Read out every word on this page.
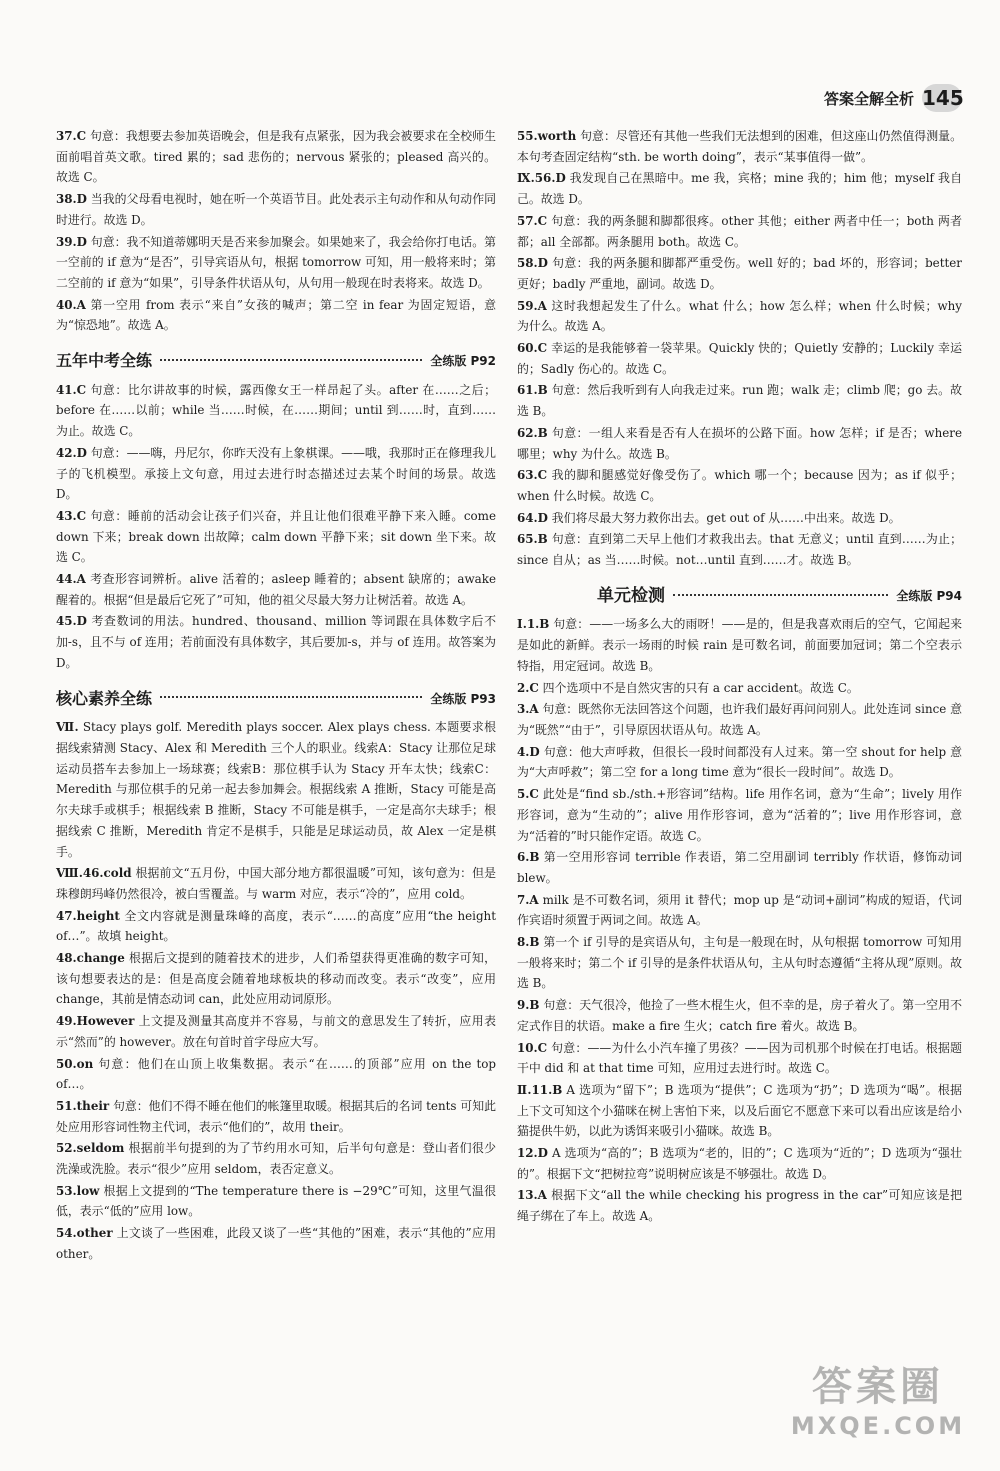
答案全解全析 145

37.C 句意：我想要去参加英语晚会，但是我有点紧张，因为我会被要求在全校师生面前唱首英文歌。tired 累的；sad 悲伤的；nervous 紧张的；pleased 高兴的。故选 C。

38.D 当我的父母看电视时，她在听一个英语节目。此处表示主句动作和从句动作同时进行。故选 D。

39.D 句意：我不知道蒂娜明天是否来参加聚会。如果她来了，我会给你打电话。第一空前的 if 意为“是否”，引导宾语从句，根据 tomorrow 可知，用一般将来时；第二空前的 if 意为“如果”，引导条件状语从句，从句用一般现在时表将来。故选 D。

40.A 第一空用 from 表示“来自”女孩的喊声；第二空 in fear 为固定短语，意为“惊恐地”。故选 A。

五年中考全练	全练版 P92

41.C 句意：比尔讲故事的时候，露西像女王一样昂起了头。after 在……之后；before 在……以前；while 当……时候，在……期间；until 到……时，直到……为止。故选 C。

42.D 句意：——嗨，丹尼尔，你昨天没有上象棋课。——哦，我那时正在修理我儿子的飞机模型。承接上文句意，用过去进行时态描述过去某个时间的场景。故选 D。

43.C 句意：睡前的活动会让孩子们兴奋，并且让他们很难平静下来入睡。come down 下来；break down 出故障；calm down 平静下来；sit down 坐下来。故选 C。

44.A 考查形容词辨析。alive 活着的；asleep 睡着的；absent 缺席的；awake 醒着的。根据“但是最后它死了”可知，他的祖父尽最大努力让树活着。故选 A。

45.D 考查数词的用法。hundred、thousand、million 等词跟在具体数字后不加-s，且不与 of 连用；若前面没有具体数字，其后要加-s，并与 of 连用。故答案为 D。

核心素养全练	全练版 P93

Ⅶ. Stacy plays golf. Meredith plays soccer. Alex plays chess. 本题要求根据线索猜测 Stacy、Alex 和 Meredith 三个人的职业。线索A：Stacy 让那位足球运动员搭车去参加上一场球赛；线索B：那位棋手认为 Stacy 开车太快；线索C：Meredith 与那位棋手的兄弟一起去参加舞会。根据线索 A 推断，Stacy 可能是高尔夫球手或棋手；根据线索 B 推断，Stacy 不可能是棋手，一定是高尔夫球手；根据线索 C 推断，Meredith 肯定不是棋手，只能是足球运动员，故 Alex 一定是棋手。

Ⅷ.46.cold 根据前文“五月份，中国大部分地方都很温暖”可知，该句意为：但是珠穆朗玛峰仍然很冷，被白雪覆盖。与 warm 对应，表示“冷的”，应用 cold。

47.height 全文内容就是测量珠峰的高度，表示“……的高度”应用“the height of…”。故填 height。

48.change 根据后文提到的随着技术的进步，人们希望获得更准确的数字可知，该句想要表达的是：但是高度会随着地球板块的移动而改变。表示“改变”，应用 change，其前是情态动词 can，此处应用动词原形。

49.However 上文提及测量其高度并不容易，与前文的意思发生了转折，应用表示“然而”的 however。放在句首时首字母应大写。

50.on 句意：他们在山顶上收集数据。表示“在……的顶部”应用 on the top of…。

51.their 句意：他们不得不睡在他们的帐篷里取暖。根据其后的名词 tents 可知此处应用形容词性物主代词，表示“他们的”，故用 their。

52.seldom 根据前半句提到的为了节约用水可知，后半句句意是：登山者们很少洗澡或洗脸。表示“很少”应用 seldom，表否定意义。

53.low 根据上文提到的“The temperature there is −29℃”可知，这里气温很低，表示“低的”应用 low。

54.other 上文谈了一些困难，此段又谈了一些“其他的”困难，表示“其他的”应用 other。

55.worth 句意：尽管还有其他一些我们无法想到的困难，但这座山仍然值得测量。本句考查固定结构“sth. be worth doing”，表示“某事值得一做”。

Ⅸ.56.D 我发现自己在黑暗中。me 我，宾格；mine 我的；him 他；myself 我自己。故选 D。

57.C 句意：我的两条腿和脚都很疼。other 其他；either 两者中任一；both 两者都；all 全部都。两条腿用 both。故选 C。

58.D 句意：我的两条腿和脚都严重受伤。well 好的；bad 坏的，形容词；better 更好；badly 严重地，副词。故选 D。

59.A 这时我想起发生了什么。what 什么；how 怎么样；when 什么时候；why 为什么。故选 A。

60.C 幸运的是我能够着一袋苹果。Quickly 快的；Quietly 安静的；Luckily 幸运的；Sadly 伤心的。故选 C。

61.B 句意：然后我听到有人向我走过来。run 跑；walk 走；climb 爬；go 去。故选 B。

62.B 句意：一组人来看是否有人在损坏的公路下面。how 怎样；if 是否；where 哪里；why 为什么。故选 B。

63.C 我的脚和腿感觉好像受伤了。which 哪一个；because 因为；as if 似乎；when 什么时候。故选 C。

64.D 我们将尽最大努力救你出去。get out of 从……中出来。故选 D。

65.B 句意：直到第二天早上他们才救我出去。that 无意义；until 直到……为止；since 自从；as 当……时候。not…until 直到……才。故选 B。

单元检测	全练版 P94

Ⅰ.1.B 句意：——一场多么大的雨呀！——是的，但是我喜欢雨后的空气，它闻起来是如此的新鲜。表示一场雨的时候 rain 是可数名词，前面要加冠词；第二个空表示特指，用定冠词。故选 B。

2.C 四个选项中不是自然灾害的只有 a car accident。故选 C。

3.A 句意：既然你无法回答这个问题，也许我们最好再问问别人。此处连词 since 意为“既然”“由于”，引导原因状语从句。故选 A。

4.D 句意：他大声呼救，但很长一段时间都没有人过来。第一空 shout for help 意为“大声呼救”；第二空 for a long time 意为“很长一段时间”。故选 D。

5.C 此处是“find sb./sth.+形容词”结构。life 用作名词，意为“生命”；lively 用作形容词，意为“生动的”；alive 用作形容词，意为“活着的”；live 用作形容词，意为“活着的”时只能作定语。故选 C。

6.B 第一空用形容词 terrible 作表语，第二空用副词 terribly 作状语，修饰动词 blew。

7.A milk 是不可数名词，须用 it 替代；mop up 是“动词+副词”构成的短语，代词作宾语时须置于两词之间。故选 A。

8.B 第一个 if 引导的是宾语从句，主句是一般现在时，从句根据 tomorrow 可知用一般将来时；第二个 if 引导的是条件状语从句，主从句时态遵循“主将从现”原则。故选 B。

9.B 句意：天气很冷，他捡了一些木棍生火，但不幸的是，房子着火了。第一空用不定式作目的状语。make a fire 生火；catch fire 着火。故选 B。

10.C 句意：——为什么小汽车撞了男孩？——因为司机那个时候在打电话。根据题干中 did 和 at that time 可知，应用过去进行时。故选 C。

Ⅱ.11.B A 选项为“留下”；B 选项为“提供”；C 选项为“扔”；D 选项为“喝”。根据上下文可知这个小猫咪在树上害怕下来，以及后面它不愿意下来可以看出应该是给小猫提供牛奶，以此为诱饵来吸引小猫咪。故选 B。

12.D A 选项为“高的”；B 选项为“老的，旧的”；C 选项为“近的”；D 选项为“强壮的”。根据下文“把树拉弯”说明树应该是不够强壮。故选 D。

13.A 根据下文“all the while checking his progress in the car”可知应该是把绳子绑在了车上。故选 A。

答案圈
MXQE.COM
